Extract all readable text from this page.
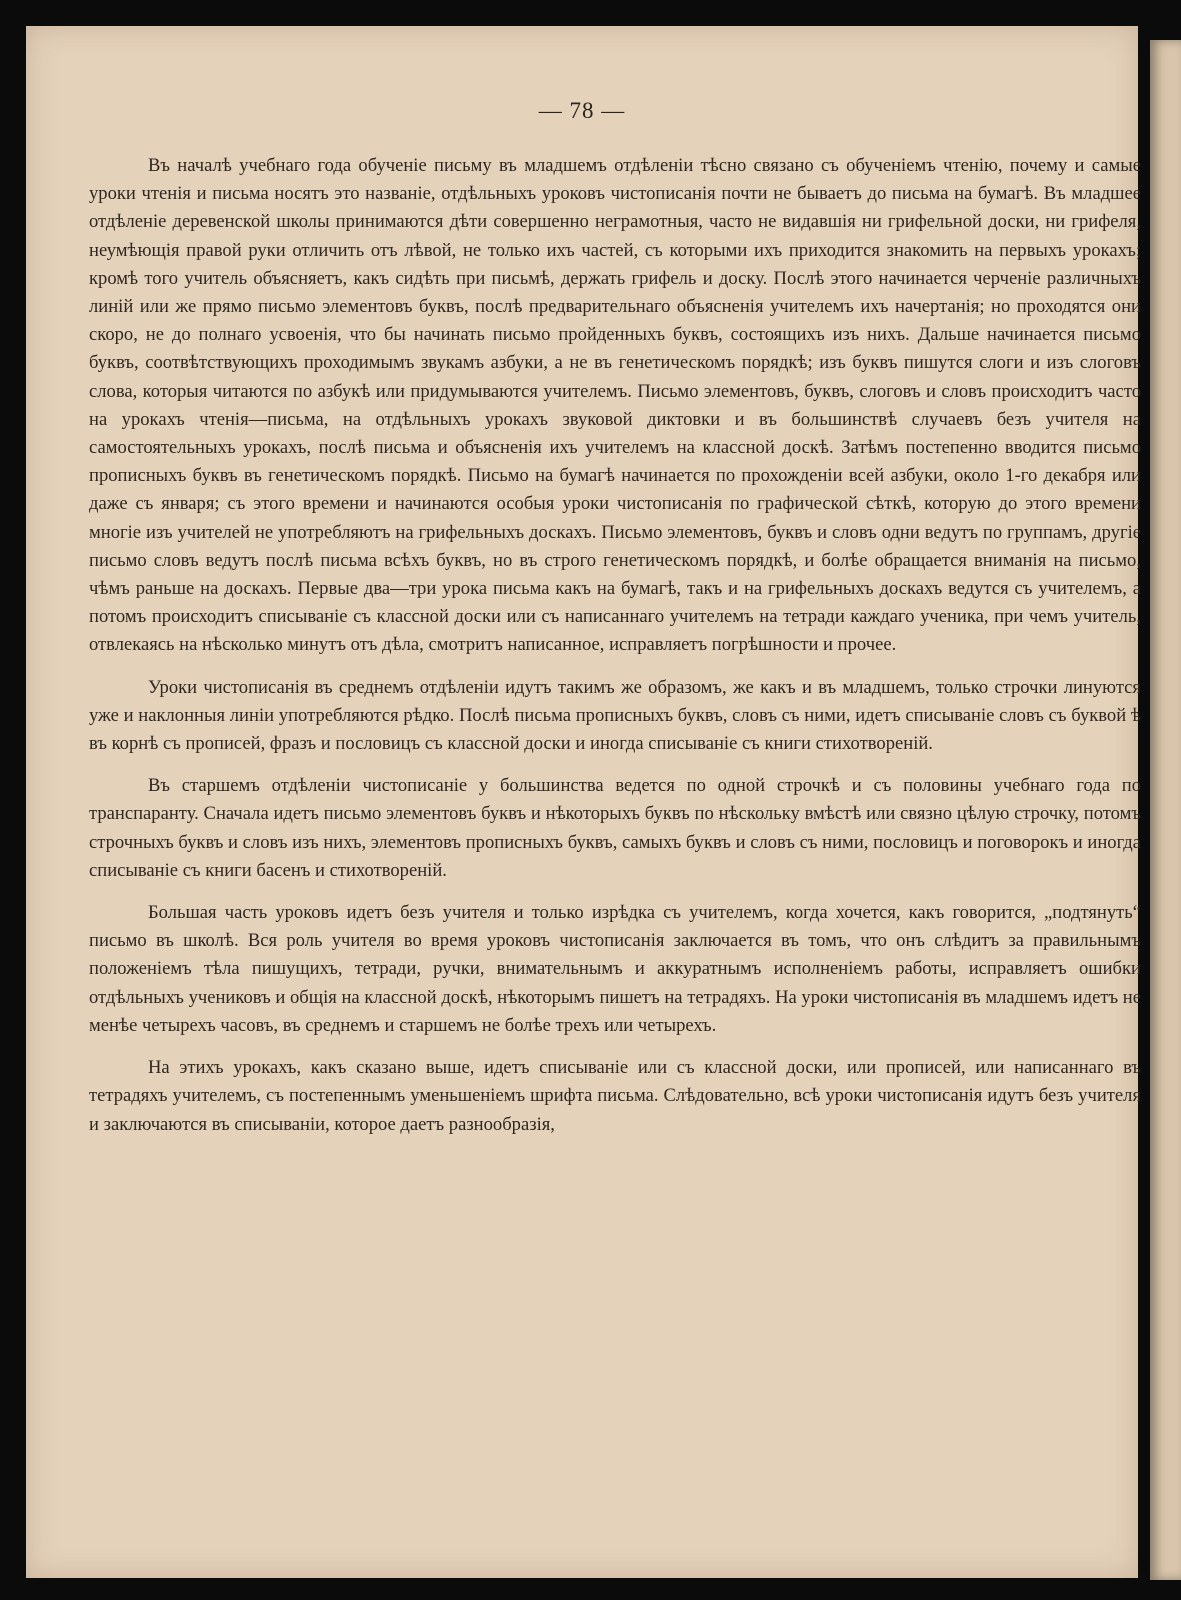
— 78 —

Въ началѣ учебнаго года обученіе письму въ младшемъ отдѣленіи тѣсно связано съ обученіемъ чтенію, почему и самые уроки чтенія и письма носятъ это названіе, отдѣльныхъ уроковъ чистописанія почти не бываетъ до письма на бумагѣ. Въ младшее отдѣленіе деревенской школы принимаются дѣти совершенно неграмотныя, часто не видавшія ни грифельной доски, ни грифеля, неумѣющія правой руки отличить отъ лѣвой, не только ихъ частей, съ которыми ихъ приходится знакомить на первыхъ урокахъ; кромѣ того учитель объясняетъ, какъ сидѣть при письмѣ, держать грифель и доску. Послѣ этого начинается черченіе различныхъ линій или же прямо письмо элементовъ буквъ, послѣ предварительнаго объясненія учителемъ ихъ начертанія; но проходятся они скоро, не до полнаго усвоенія, что бы начинать письмо пройденныхъ буквъ, состоящихъ изъ нихъ. Дальше начинается письмо буквъ, соотвѣтствующихъ проходимымъ звукамъ азбуки, а не въ генетическомъ порядкѣ; изъ буквъ пишутся слоги и изъ слоговъ слова, которыя читаются по азбукѣ или придумываются учителемъ. Письмо элементовъ, буквъ, слоговъ и словъ происходитъ часто на урокахъ чтенія—письма, на отдѣльныхъ урокахъ звуковой диктовки и въ большинствѣ случаевъ безъ учителя на самостоятельныхъ урокахъ, послѣ письма и объясненія ихъ учителемъ на классной доскѣ. Затѣмъ постепенно вводится письмо прописныхъ буквъ въ генетическомъ порядкѣ. Письмо на бумагѣ начинается по прохожденіи всей азбуки, около 1-го декабря или даже съ января; съ этого времени и начинаются особыя уроки чистописанія по графической сѣткѣ, которую до этого времени многіе изъ учителей не употребляютъ на грифельныхъ доскахъ. Письмо элементовъ, буквъ и словъ одни ведутъ по группамъ, другіе письмо словъ ведутъ послѣ письма всѣхъ буквъ, но въ строго генетическомъ порядкѣ, и болѣе обращается вниманія на письмо, чѣмъ раньше на доскахъ. Первые два—три урока письма какъ на бумагѣ, такъ и на грифельныхъ доскахъ ведутся съ учителемъ, а потомъ происходитъ списываніе съ классной доски или съ написаннаго учителемъ на тетради каждаго ученика, при чемъ учитель, отвлекаясь на нѣсколько минутъ отъ дѣла, смотритъ написанное, исправляетъ погрѣшности и прочее.

Уроки чистописанія въ среднемъ отдѣленіи идутъ такимъ же образомъ, же какъ и въ младшемъ, только строчки линуются уже и наклонныя линіи употребляются рѣдко. Послѣ письма прописныхъ буквъ, словъ съ ними, идетъ списываніе словъ съ буквой ѣ въ корнѣ съ прописей, фразъ и пословицъ съ классной доски и иногда списываніе съ книги стихотвореній.

Въ старшемъ отдѣленіи чистописаніе у большинства ведется по одной строчкѣ и съ половины учебнаго года по транспаранту. Сначала идетъ письмо элементовъ буквъ и нѣкоторыхъ буквъ по нѣскольку вмѣстѣ или связно цѣлую строчку, потомъ строчныхъ буквъ и словъ изъ нихъ, элементовъ прописныхъ буквъ, самыхъ буквъ и словъ съ ними, пословицъ и поговорокъ и иногда списываніе съ книги басенъ и стихотвореній.

Большая часть уроковъ идетъ безъ учителя и только изрѣдка съ учителемъ, когда хочется, какъ говорится, „подтянуть“ письмо въ школѣ. Вся роль учителя во время уроковъ чистописанія заключается въ томъ, что онъ слѣдитъ за правильнымъ положеніемъ тѣла пишущихъ, тетради, ручки, внимательнымъ и аккуратнымъ исполненіемъ работы, исправляетъ ошибки отдѣльныхъ учениковъ и общія на классной доскѣ, нѣкоторымъ пишетъ на тетрадяхъ. На уроки чистописанія въ младшемъ идетъ не менѣе четырехъ часовъ, въ среднемъ и старшемъ не болѣе трехъ или четырехъ.

На этихъ урокахъ, какъ сказано выше, идетъ списываніе или съ классной доски, или прописей, или написаннаго въ тетрадяхъ учителемъ, съ постепеннымъ уменьшеніемъ шрифта письма. Слѣдовательно, всѣ уроки чистописанія идутъ безъ учителя и заключаются въ списываніи, которое даетъ разнообразія,
